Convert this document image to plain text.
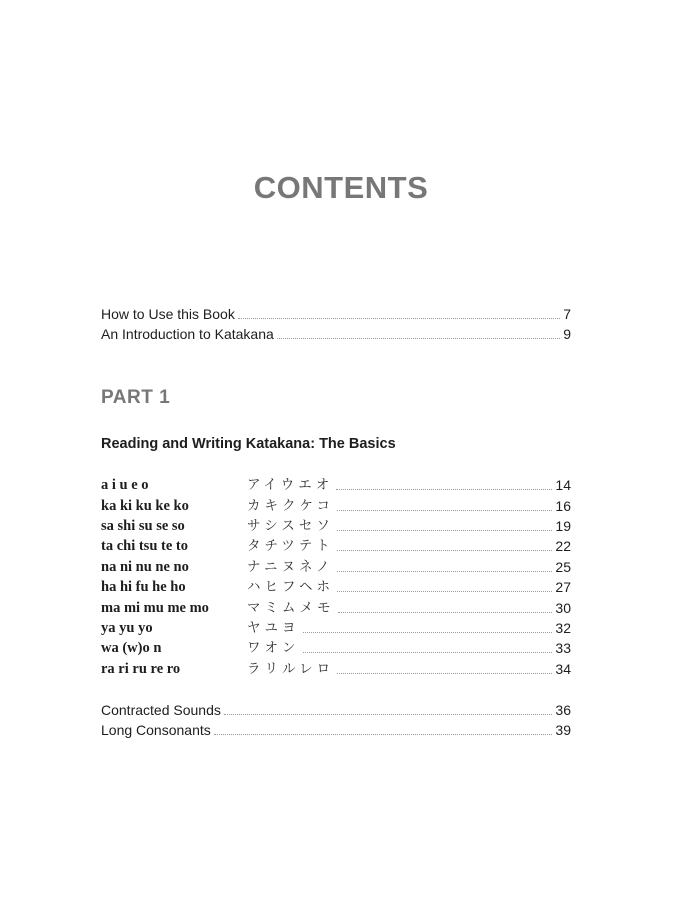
CONTENTS
How to Use this Book	7
An Introduction to Katakana	9
PART 1
Reading and Writing Katakana: The Basics
a i u e o	アイウエオ	14
ka ki ku ke ko	カキクケコ	16
sa shi su se so	サシスセソ	19
ta chi tsu te to	タチツテト	22
na ni nu ne no	ナニヌネノ	25
ha hi fu he ho	ハヒフヘホ	27
ma mi mu me mo	マミムメモ	30
ya yu yo	ヤユヨ	32
wa (w)o n	ワオン	33
ra ri ru re ro	ラリルレロ	34
Contracted Sounds	36
Long Consonants	39
